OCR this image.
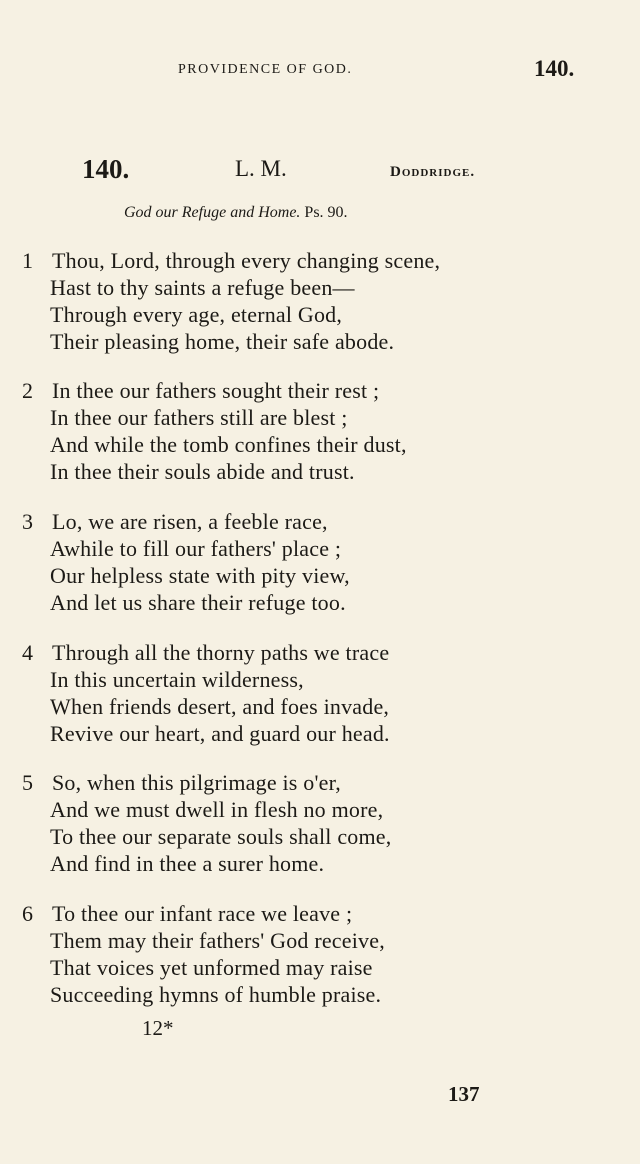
PROVIDENCE OF GOD.	140.
140.	L. M.	Doddridge.
God our Refuge and Home. Ps. 90.
1 Thou, Lord, through every changing scene,
Hast to thy saints a refuge been—
Through every age, eternal God,
Their pleasing home, their safe abode.
2 In thee our fathers sought their rest ;
In thee our fathers still are blest ;
And while the tomb confines their dust,
In thee their souls abide and trust.
3 Lo, we are risen, a feeble race,
Awhile to fill our fathers' place ;
Our helpless state with pity view,
And let us share their refuge too.
4 Through all the thorny paths we trace
In this uncertain wilderness,
When friends desert, and foes invade,
Revive our heart, and guard our head.
5 So, when this pilgrimage is o'er,
And we must dwell in flesh no more,
To thee our separate souls shall come,
And find in thee a surer home.
6 To thee our infant race we leave ;
Them may their fathers' God receive,
That voices yet unformed may raise
Succeeding hymns of humble praise.
12*
137
